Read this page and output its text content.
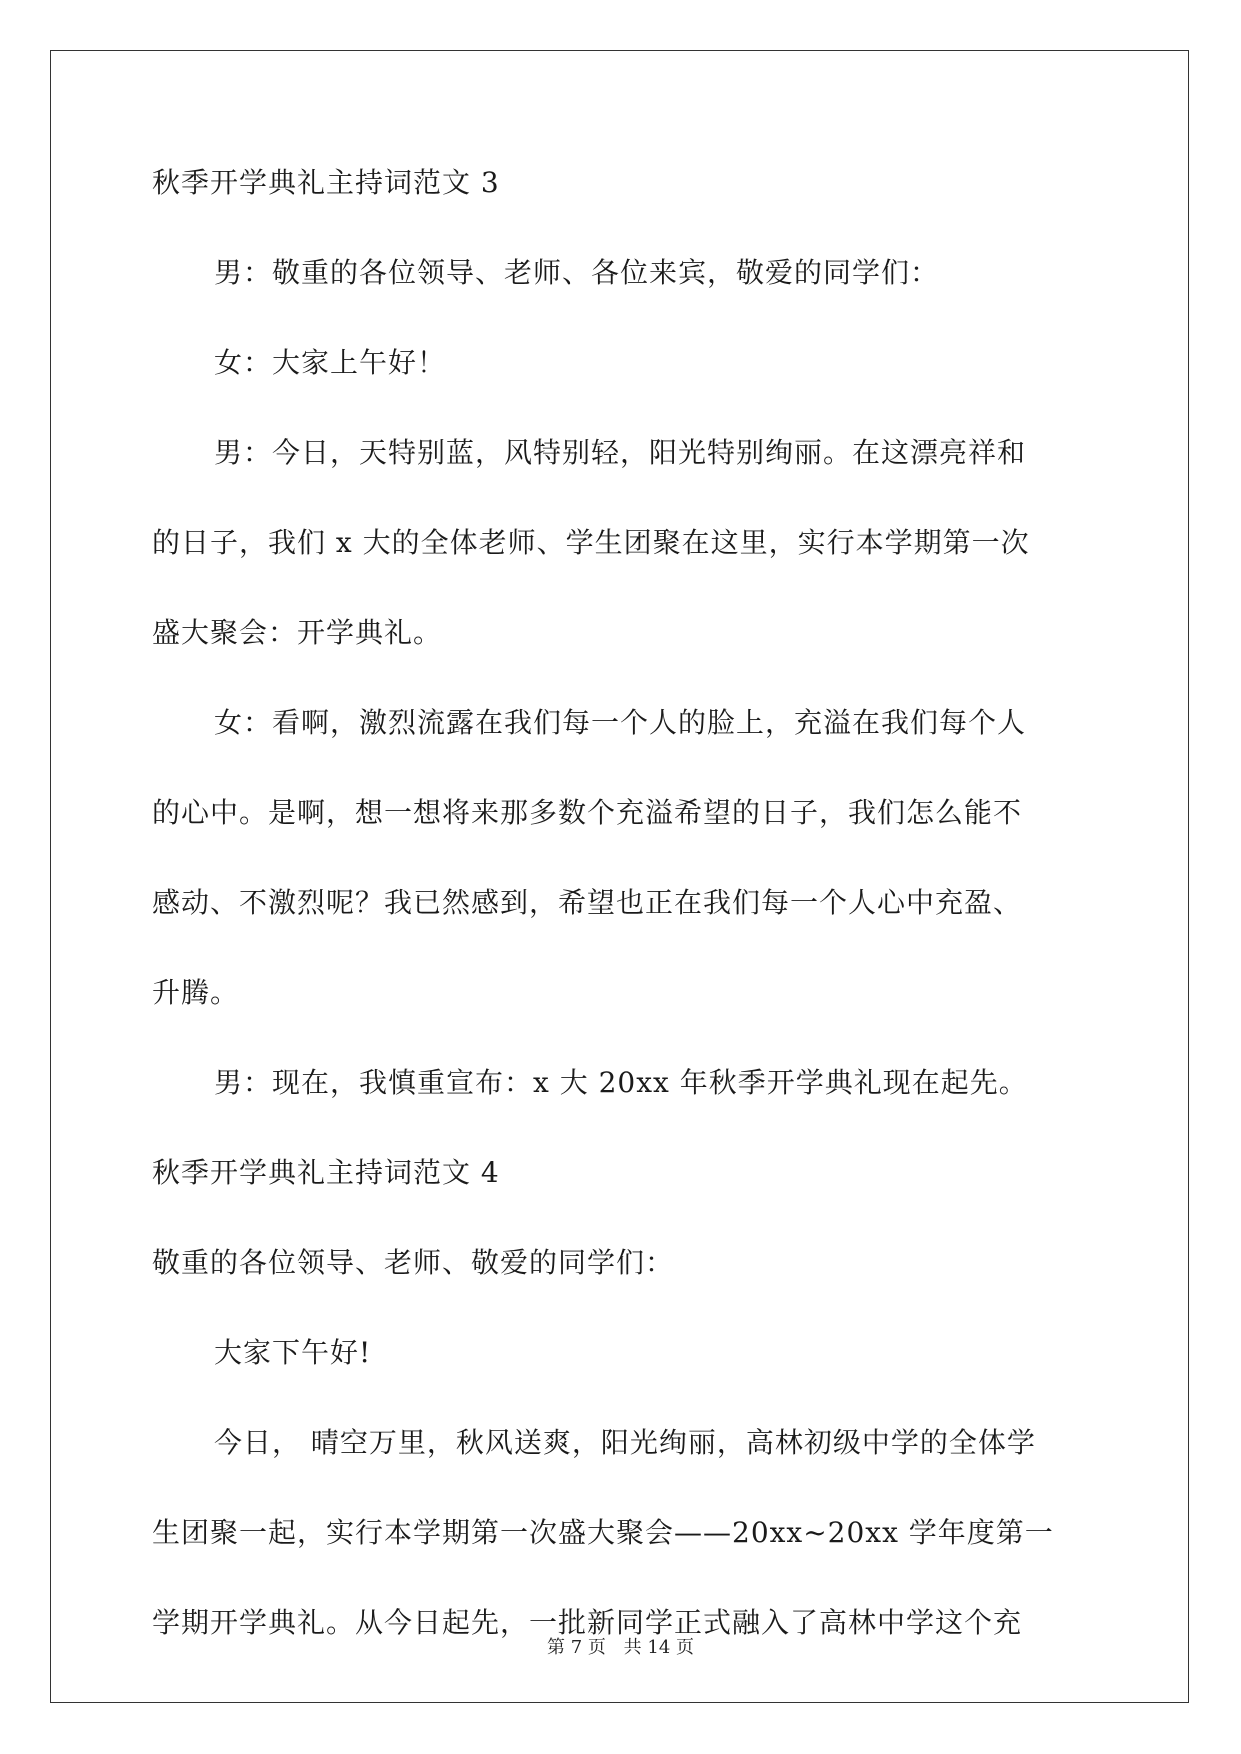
秋季开学典礼主持词范文 3
男：敬重的各位领导、老师、各位来宾，敬爱的同学们：
女：大家上午好！
男：今日，天特别蓝，风特别轻，阳光特别绚丽。在这漂亮祥和
的日子，我们 x 大的全体老师、学生团聚在这里，实行本学期第一次
盛大聚会：开学典礼。
女：看啊，激烈流露在我们每一个人的脸上，充溢在我们每个人
的心中。是啊，想一想将来那多数个充溢希望的日子，我们怎么能不
感动、不激烈呢？我已然感到，希望也正在我们每一个人心中充盈、
升腾。
男：现在，我慎重宣布：x 大 20xx 年秋季开学典礼现在起先。
秋季开学典礼主持词范文 4
敬重的各位领导、老师、敬爱的同学们：
大家下午好!
今日， 晴空万里，秋风送爽，阳光绚丽，高林初级中学的全体学
生团聚一起，实行本学期第一次盛大聚会——20xx~20xx 学年度第一
学期开学典礼。从今日起先，一批新同学正式融入了高林中学这个充
第 7 页 共 14 页
